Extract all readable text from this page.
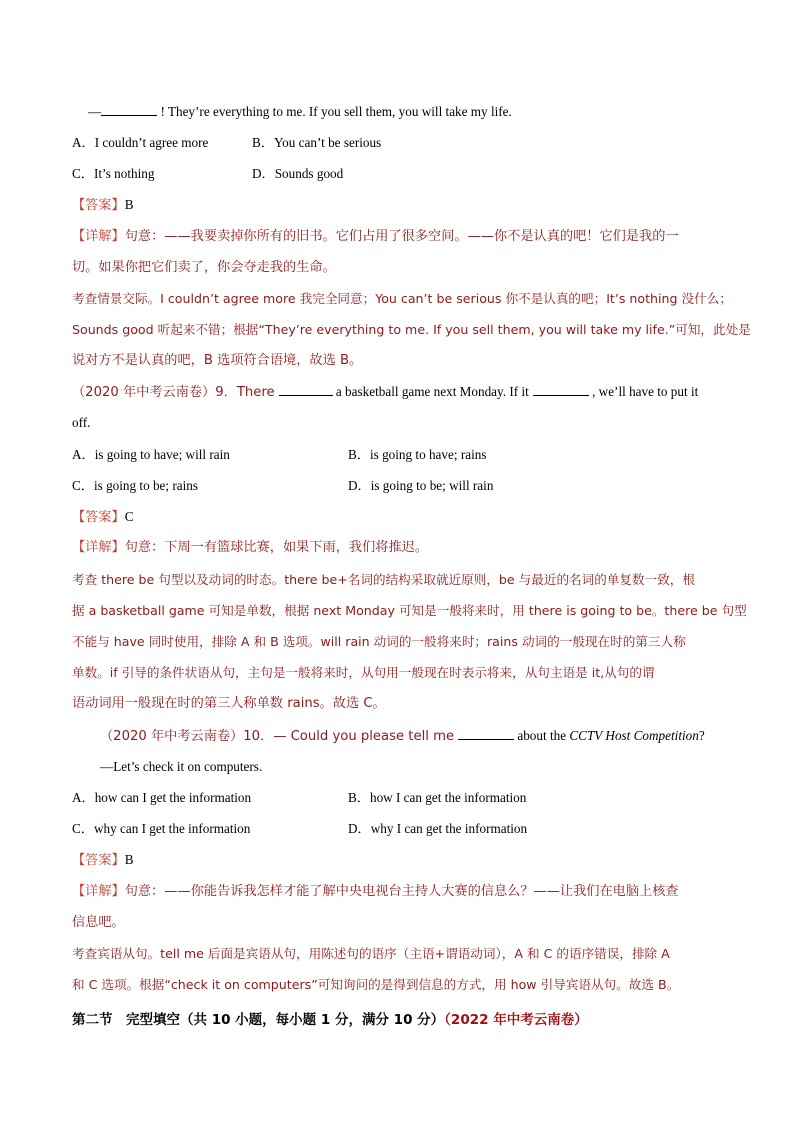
—	! They’re everything to me. If you sell them, you will take my life.
A．I couldn’t agree more	B．You can’t be serious
C．It’s nothing	D．Sounds good
【答案】B
【详解】句意：——我要卖掉你所有的旧书。它们占用了很多空间。——你不是认真的吧！它们是我的一
切。如果你把它们卖了，你会夺走我的生命。
考查情景交际。I couldn’t agree more 我完全同意；You can’t be serious 你不是认真的吧；It’s nothing 没什么；
Sounds good 听起来不错；根据“They’re everything to me. If you sell them, you will take my life.”可知，此处是
说对方不是认真的吧，B 选项符合语境，故选 B。
（2020 年中考云南卷）9．There	a basketball game next Monday. If it	, we’ll have to put it
off.
A．is going to have; will rain	B．is going to have; rains
C．is going to be; rains	D．is going to be; will rain
【答案】C
【详解】句意：下周一有篮球比赛，如果下雨，我们将推迟。
考查 there be 句型以及动词的时态。there be+名词的结构采取就近原则，be 与最近的名词的单复数一致，根
据 a basketball game 可知是单数，根据 next Monday 可知是一般将来时，用 there is going to be。there be 句型
不能与 have 同时使用，排除 A 和 B 选项。will rain 动词的一般将来时；rains 动词的一般现在时的第三人称
单数。if 引导的条件状语从句，主句是一般将来时，从句用一般现在时表示将来，从句主语是 it,从句的谓
语动词用一般现在时的第三人称单数 rains。故选 C。
（2020 年中考云南卷）10．— Could you please tell me	about the CCTV Host Competition?
—Let’s check it on computers.
A．how can I get the information	B．how I can get the information
C．why can I get the information	D．why I can get the information
【答案】B
【详解】句意：——你能告诉我怎样才能了解中央电视台主持人大赛的信息么？——让我们在电脑上核查
信息吧。
考查宾语从句。tell me 后面是宾语从句，用陈述句的语序（主语+谓语动词），A 和 C 的语序错误，排除 A
和 C 选项。根据“check it on computers”可知询问的是得到信息的方式，用 how 引导宾语从句。故选 B。
第二节　完型填空（共 10 小题，每小题 1 分，满分 10 分）（2022 年中考云南卷）
